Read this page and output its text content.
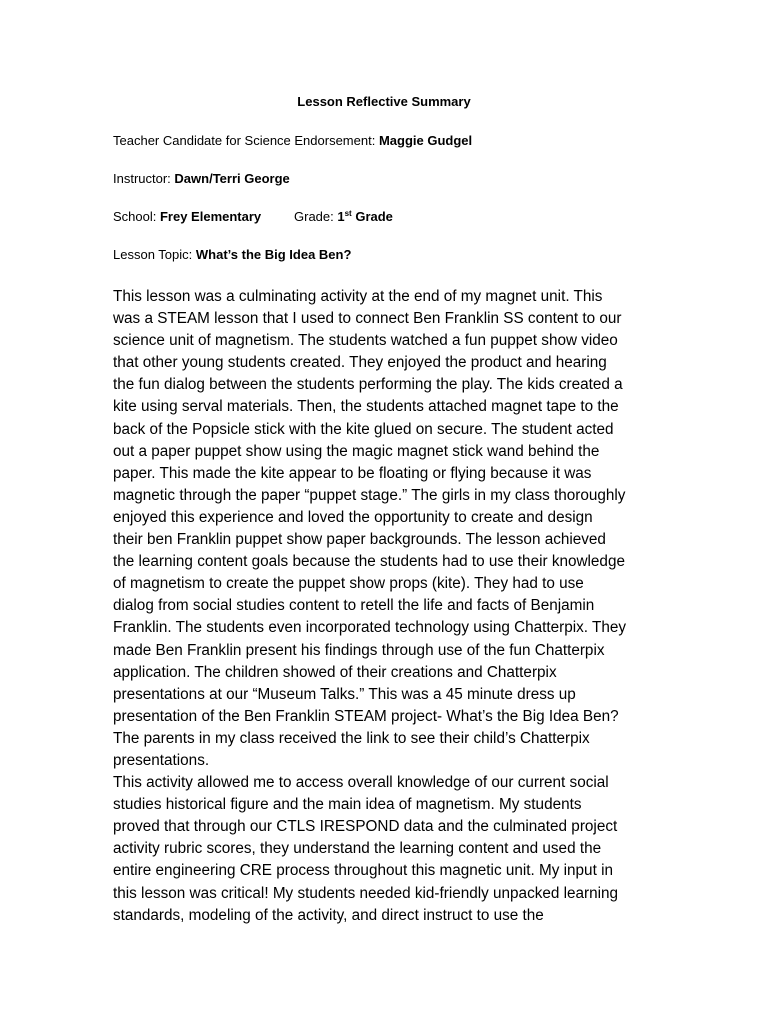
Lesson Reflective Summary
Teacher Candidate for Science Endorsement: Maggie Gudgel
Instructor: Dawn/Terri George
School: Frey Elementary	Grade: 1st Grade
Lesson Topic: What’s the Big Idea Ben?
This lesson was a culminating activity at the end of my magnet unit. This
was a STEAM lesson that I used to connect Ben Franklin SS content to our
science unit of magnetism. The students watched a fun puppet show video
that other young students created. They enjoyed the product and hearing
the fun dialog between the students performing the play. The kids created a
kite using serval materials. Then, the students attached magnet tape to the
back of the Popsicle stick with the kite glued on secure. The student acted
out a paper puppet show using the magic magnet stick wand behind the
paper. This made the kite appear to be floating or flying because it was
magnetic through the paper “puppet stage.” The girls in my class thoroughly
enjoyed this experience and loved the opportunity to create and design
their ben Franklin puppet show paper backgrounds. The lesson achieved
the learning content goals because the students had to use their knowledge
of magnetism to create the puppet show props (kite). They had to use
dialog from social studies content to retell the life and facts of Benjamin
Franklin. The students even incorporated technology using Chatterpix. They
made Ben Franklin present his findings through use of the fun Chatterpix
application. The children showed of their creations and Chatterpix
presentations at our “Museum Talks.” This was a 45 minute dress up
presentation of the Ben Franklin STEAM project- What’s the Big Idea Ben?
The parents in my class received the link to see their child’s Chatterpix
presentations.
This activity allowed me to access overall knowledge of our current social
studies historical figure and the main idea of magnetism. My students
proved that through our CTLS IRESPOND data and the culminated project
activity rubric scores, they understand the learning content and used the
entire engineering CRE process throughout this magnetic unit. My input in
this lesson was critical! My students needed kid-friendly unpacked learning
standards, modeling of the activity, and direct instruct to use the
